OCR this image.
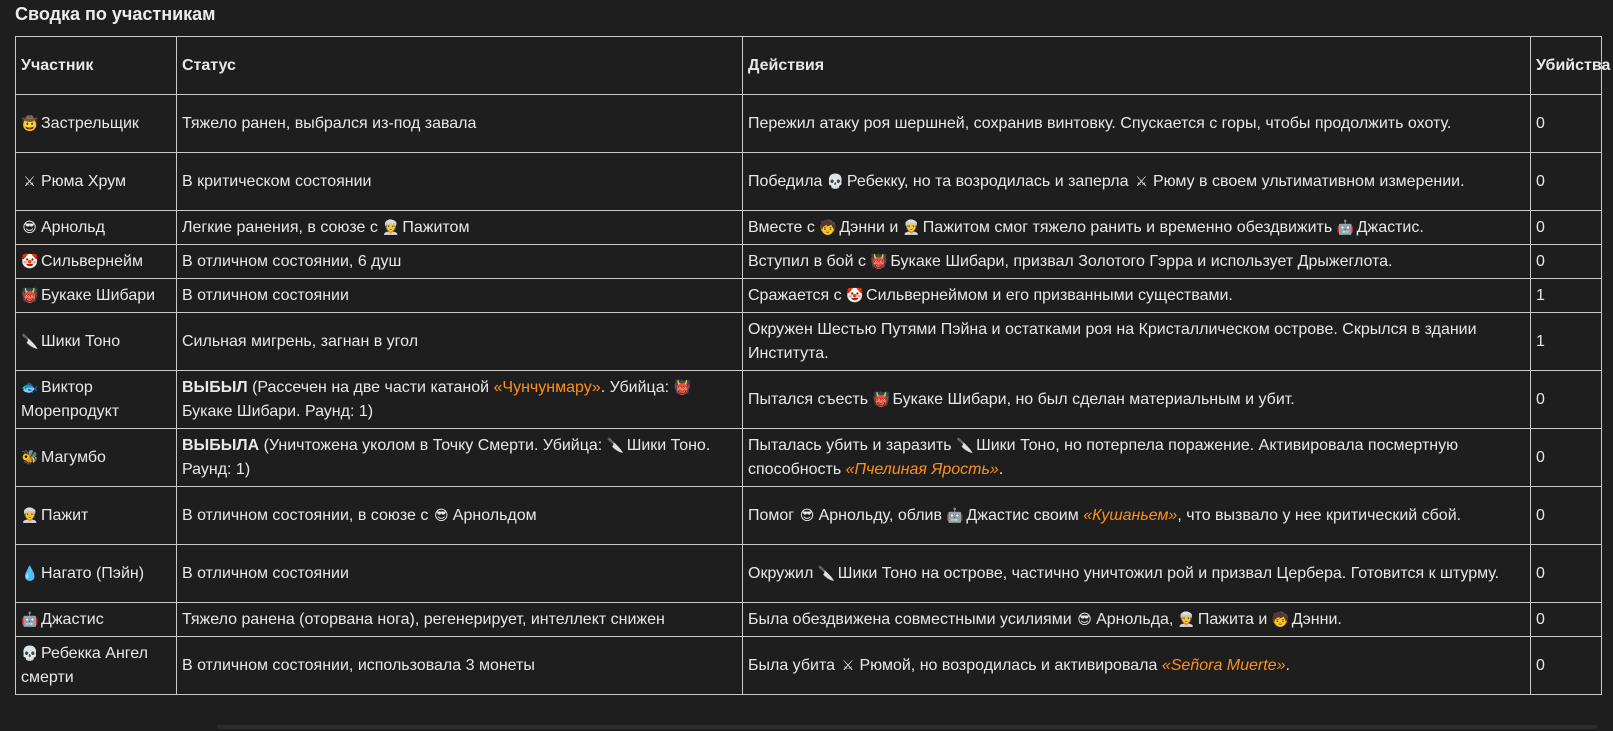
Сводка по участникам
Участник	Статус	Действия	Убийства
🤠 Застрельщик	Тяжело ранен, выбрался из-под завала	Пережил атаку роя шершней, сохранив винтовку. Спускается с горы, чтобы продолжить охоту.	0
⚔ Рюма Хрум	В критическом состоянии	Победила 💀 Ребекку, но та возродилась и заперла ⚔ Рюму в своем ультимативном измерении.	0
😎 Арнольд	Легкие ранения, в союзе с 👳 Пажитом	Вместе с 🧒 Дэнни и 👳 Пажитом смог тяжело ранить и временно обездвижить 🤖 Джастис.	0
🤡 Сильвернейм	В отличном состоянии, 6 душ	Вступил в бой с 👹 Букаке Шибари, призвал Золотого Гэрра и использует Дрыжеглота.	0
👹 Букаке Шибари	В отличном состоянии	Сражается с 🤡 Сильвернеймом и его призванными существами.	1
🔪 Шики Тоно	Сильная мигрень, загнан в угол	Окружен Шестью Путями Пэйна и остатками роя на Кристаллическом острове. Скрылся в здании Института.	1
🐟 Виктор Морепродукт	ВЫБЫЛ (Рассечен на две части катаной «Чунчунмару». Убийца: 👹Букаке Шибари. Раунд: 1)	Пытался съесть 👹 Букаке Шибари, но был сделан материальным и убит.	0
🐝 Магумбо	ВЫБЫЛА (Уничтожена уколом в Точку Смерти. Убийца: 🔪 Шики Тоно. Раунд: 1)	Пыталась убить и заразить 🔪 Шики Тоно, но потерпела поражение. Активировала посмертную способность «Пчелиная Ярость».	0
👳 Пажит	В отличном состоянии, в союзе с 😎 Арнольдом	Помог 😎 Арнольду, облив 🤖 Джастис своим «Кушаньем», что вызвало у нее критический сбой.	0
💧 Нагато (Пэйн)	В отличном состоянии	Окружил 🔪 Шики Тоно на острове, частично уничтожил рой и призвал Цербера. Готовится к штурму.	0
🤖 Джастис	Тяжело ранена (оторвана нога), регенерирует, интеллект снижен	Была обездвижена совместными усилиями 😎 Арнольда, 👳 Пажита и 🧒 Дэнни.	0
💀 Ребекка Ангел смерти	В отличном состоянии, использовала 3 монеты	Была убита ⚔ Рюмой, но возродилась и активировала «Señora Muerte».	0
